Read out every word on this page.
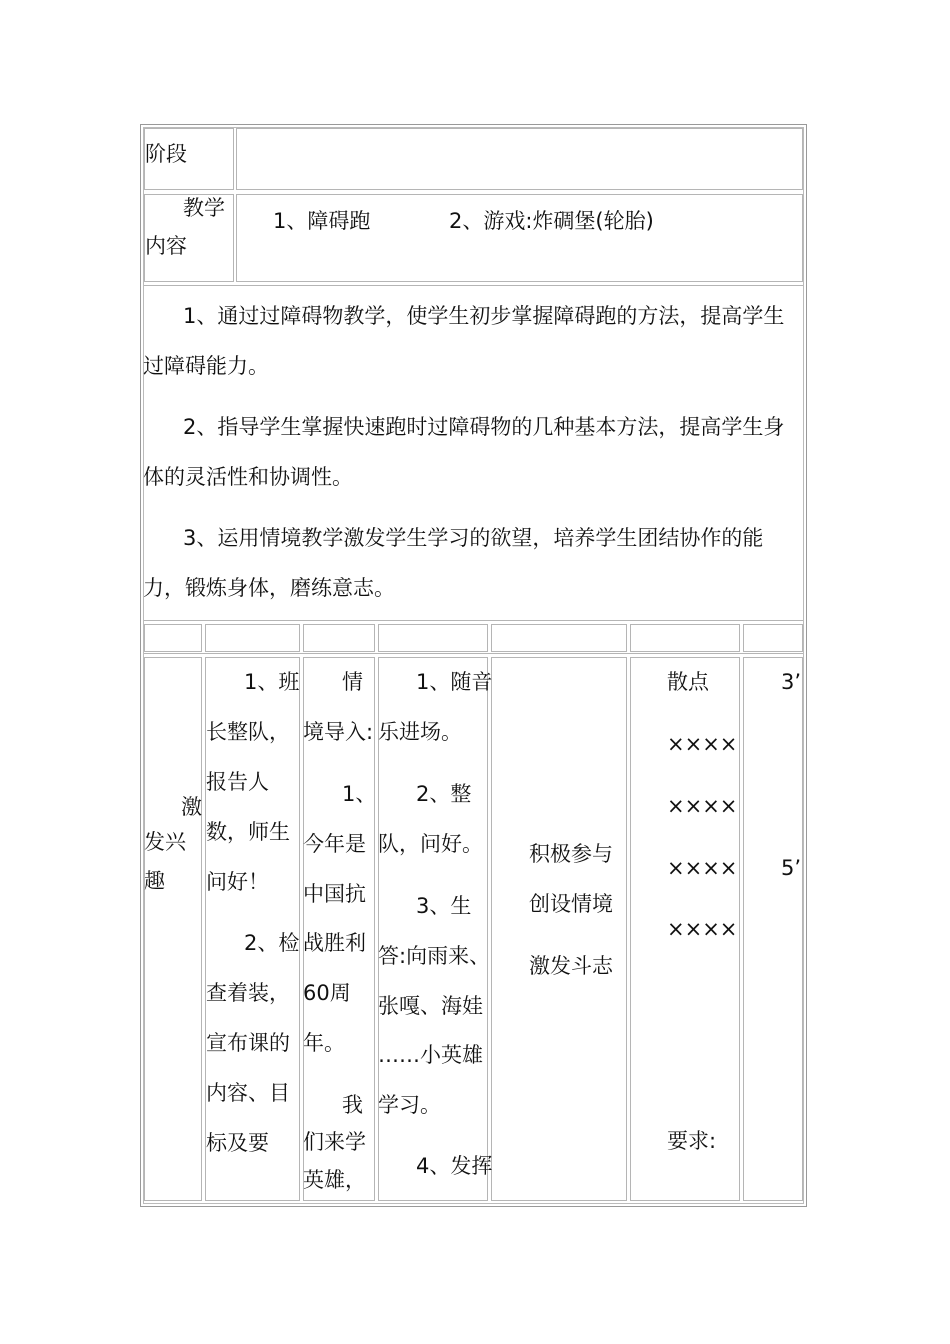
阶段
教学
内容
1、障碍跑	2、游戏:炸碉堡(轮胎)
1、通过过障碍物教学，使学生初步掌握障碍跑的方法，提高学生
过障碍能力。
2、指导学生掌握快速跑时过障碍物的几种基本方法，提高学生身
体的灵活性和协调性。
3、运用情境教学激发学生学习的欲望，培养学生团结协作的能
力，锻炼身体，磨练意志。
激
发兴
趣
1、班
长整队，
报告人
数，师生
问好！
2、检
查着装，
宣布课的
内容、目
标及要
情
境导入:
1、
今年是
中国抗
战胜利
60周
年。
我
们来学
英雄，
1、随音
乐进场。
2、整
队，问好。
3、生
答:向雨来、
张嘎、海娃
……小英雄
学习。
4、发挥
积极参与
创设情境
激发斗志
散点
××××
××××
××××
××××
要求:
3’
5’
